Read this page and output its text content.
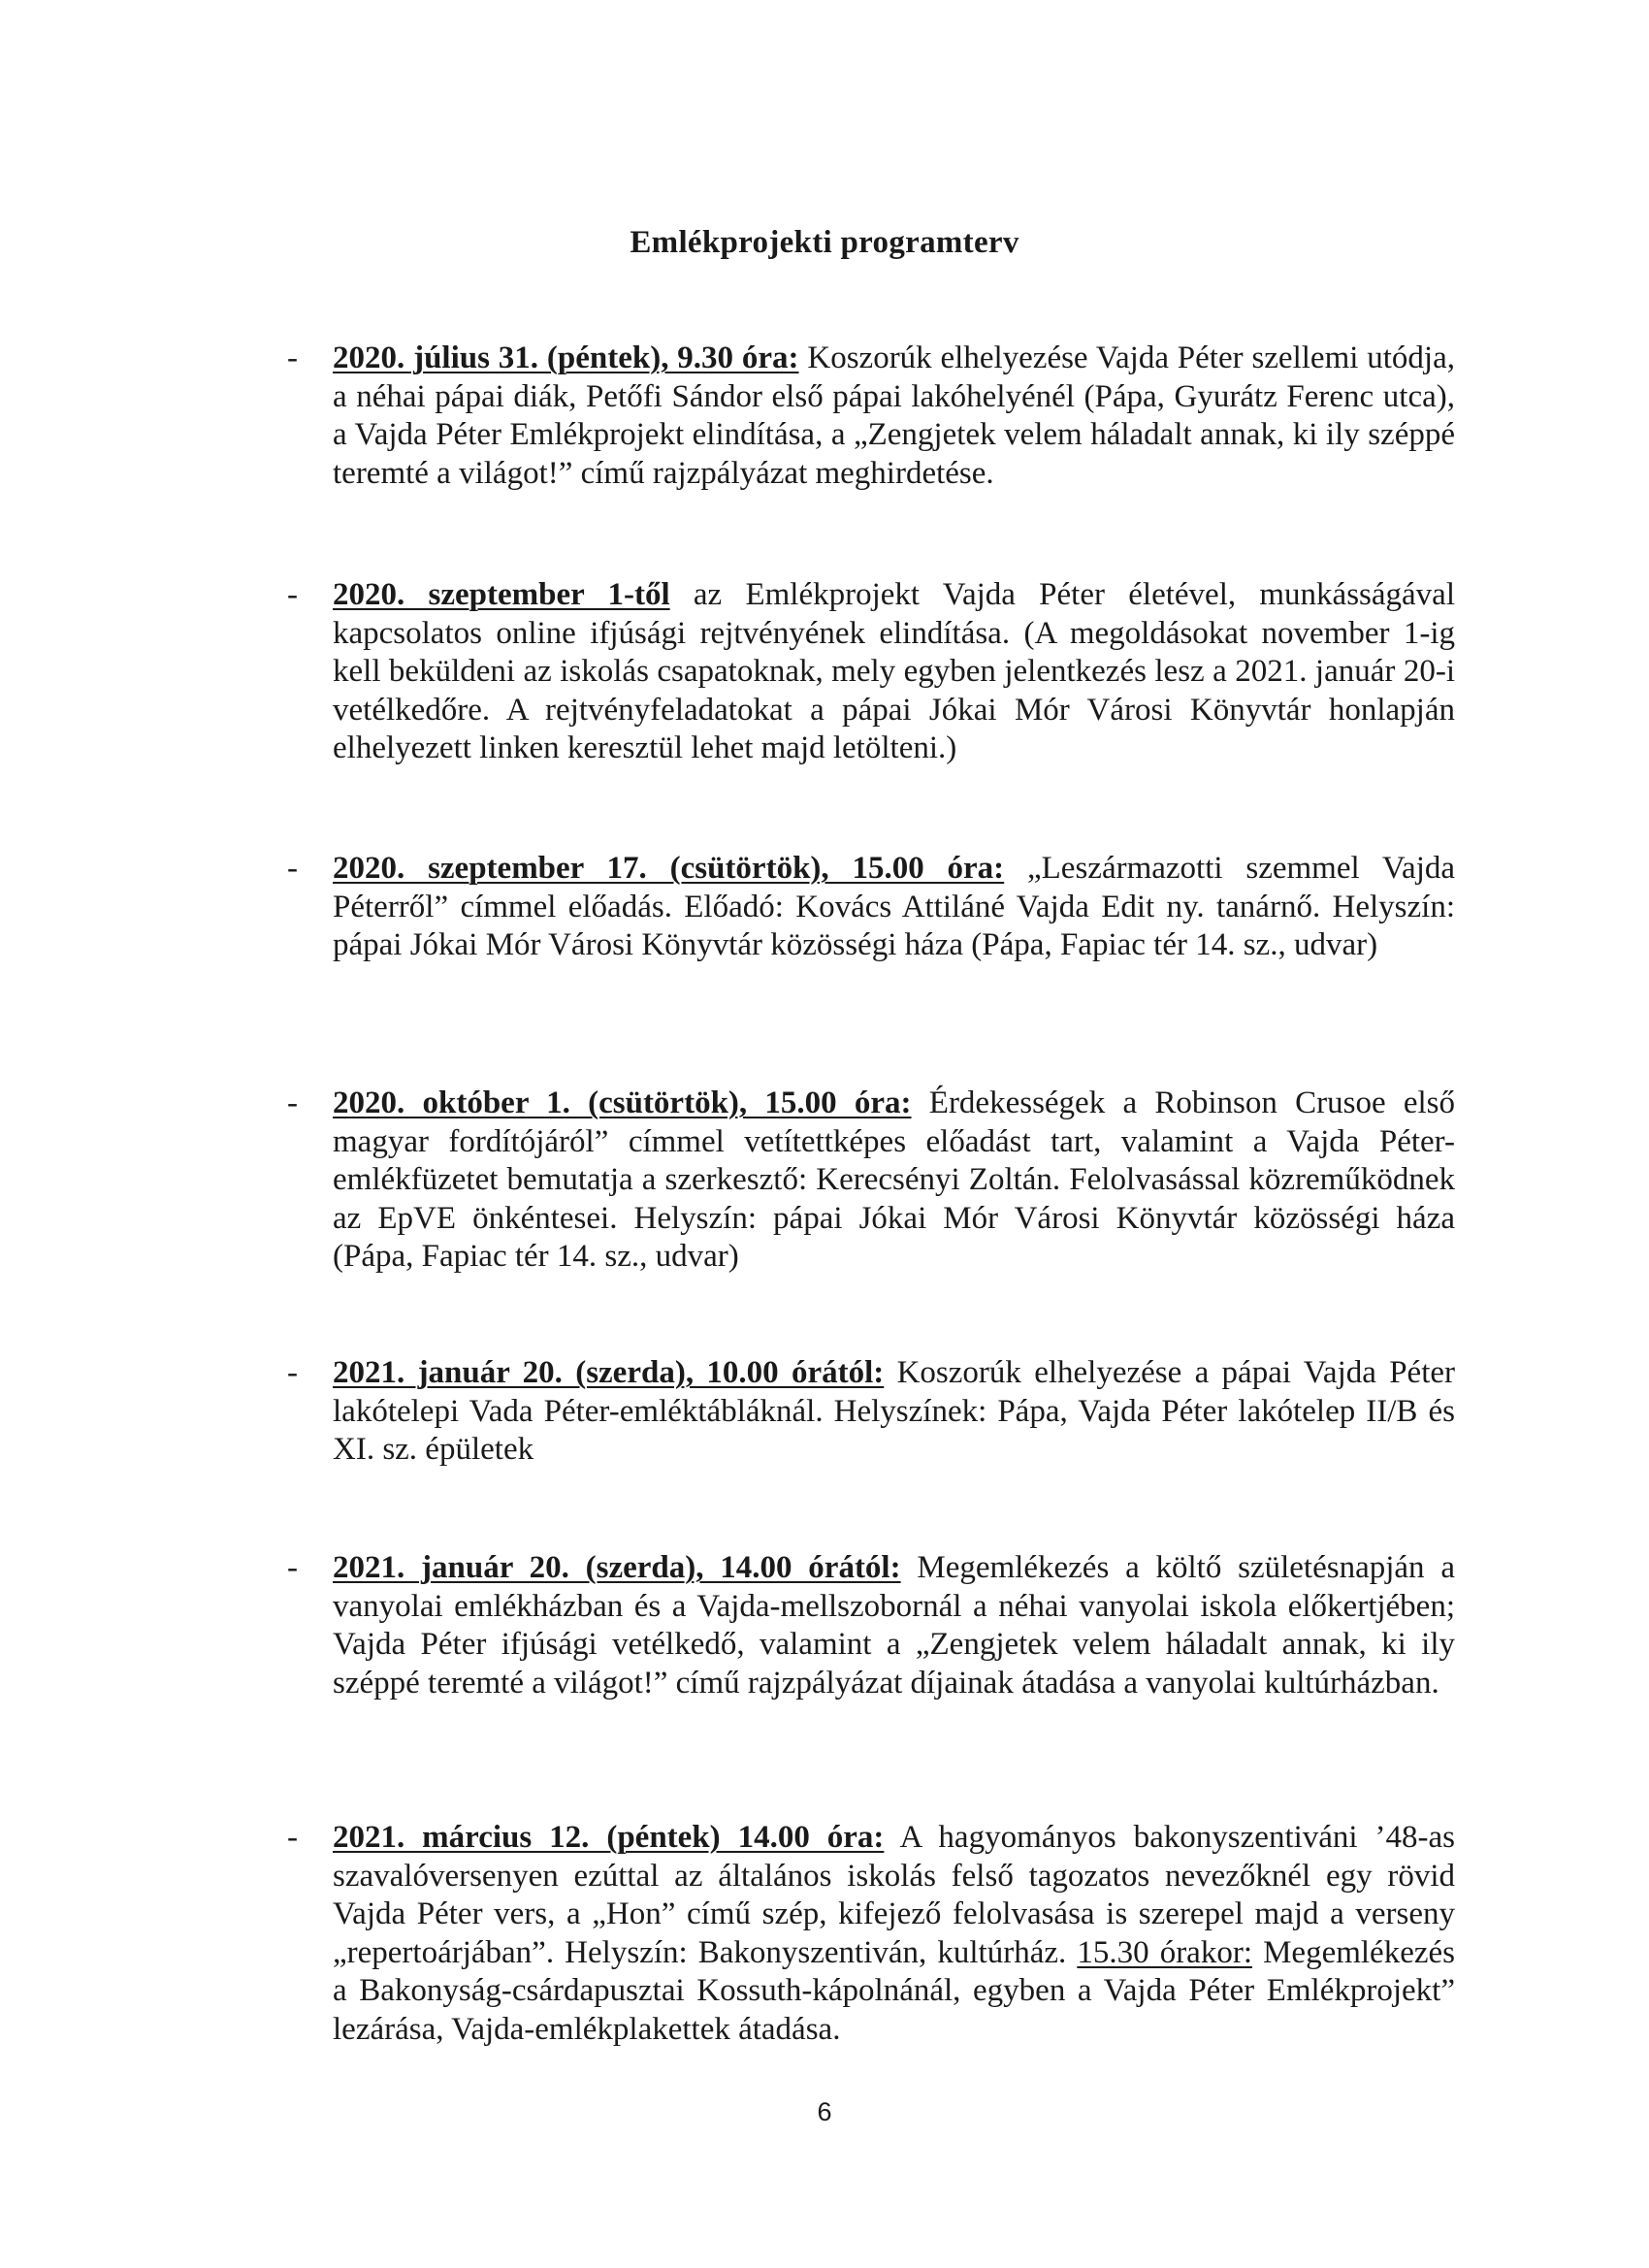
Emlékprojekti programterv
- 2020. július 31. (péntek), 9.30 óra: Koszorúk elhelyezése Vajda Péter szellemi utódja, a néhai pápai diák, Petőfi Sándor első pápai lakóhelyénél (Pápa, Gyurátz Ferenc utca), a Vajda Péter Emlékprojekt elindítása, a „Zengjetek velem háladalt annak, ki ily széppé teremté a világot!” című rajzpályázat meghirdetése.
- 2020. szeptember 1-től az Emlékprojekt Vajda Péter életével, munkásságával kapcsolatos online ifjúsági rejtvényének elindítása. (A megoldásokat november 1-ig kell beküldeni az iskolás csapatoknak, mely egyben jelentkezés lesz a 2021. január 20-i vetélkedőre. A rejtvényfeladatokat a pápai Jókai Mór Városi Könyvtár honlapján elhelyezett linken keresztül lehet majd letölteni.)
- 2020. szeptember 17. (csütörtök), 15.00 óra: „Leszármazotti szemmel Vajda Péterről” címmel előadás. Előadó: Kovács Attiláné Vajda Edit ny. tanárnő. Helyszín: pápai Jókai Mór Városi Könyvtár közösségi háza (Pápa, Fapiac tér 14. sz., udvar)
- 2020. október 1. (csütörtök), 15.00 óra: Érdekességek a Robinson Crusoe első magyar fordítójáról” címmel vetítettképes előadást tart, valamint a Vajda Péter-emlékfüzetet bemutatja a szerkesztő: Kerecsényi Zoltán. Felolvasással közreműködnek az EpVE önkéntesei. Helyszín: pápai Jókai Mór Városi Könyvtár közösségi háza (Pápa, Fapiac tér 14. sz., udvar)
- 2021. január 20. (szerda), 10.00 órától: Koszorúk elhelyezése a pápai Vajda Péter lakótelepi Vada Péter-emléktábláknál. Helyszínek: Pápa, Vajda Péter lakótelep II/B és XI. sz. épületek
- 2021. január 20. (szerda), 14.00 órától: Megemlékezés a költő születésnapján a vanyolai emlékházban és a Vajda-mellszobornál a néhai vanyolai iskola előkertjében; Vajda Péter ifjúsági vetélkedő, valamint a „Zengjetek velem háladalt annak, ki ily széppé teremté a világot!” című rajzpályázat díjainak átadása a vanyolai kultúrházban.
- 2021. március 12. (péntek) 14.00 óra: A hagyományos bakonyszentiváni ’48-as szavalóversenyen ezúttal az általános iskolás felső tagozatos nevezőknél egy rövid Vajda Péter vers, a „Hon” című szép, kifejező felolvasása is szerepel majd a verseny „repertoárjában”. Helyszín: Bakonyszentiván, kultúrház. 15.30 órakor: Megemlékezés a Bakonyság-csárdapusztai Kossuth-kápolnánál, egyben a Vajda Péter Emlékprojekt” lezárása, Vajda-emlékplakettek átadása.
6
